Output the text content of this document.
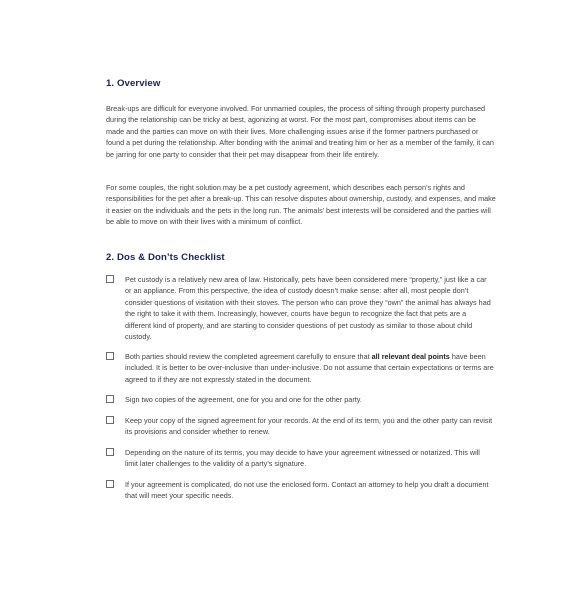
1. Overview

Break-ups are difficult for everyone involved. For unmarried couples, the process of sifting through property purchased during the relationship can be tricky at best, agonizing at worst. For the most part, compromises about items can be made and the parties can move on with their lives. More challenging issues arise if the former partners purchased or found a pet during the relationship. After bonding with the animal and treating him or her as a member of the family, it can be jarring for one party to consider that their pet may disappear from their life entirely.

For some couples, the right solution may be a pet custody agreement, which describes each person’s rights and responsibilities for the pet after a break-up. This can resolve disputes about ownership, custody, and expenses, and make it easier on the individuals and the pets in the long run. The animals’ best interests will be considered and the parties will be able to move on with their lives with a minimum of conflict.

2. Dos & Don’ts Checklist

Pet custody is a relatively new area of law. Historically, pets have been considered mere “property,” just like a car or an appliance. From this perspective, the idea of custody doesn’t make sense: after all, most people don’t consider questions of visitation with their stoves. The person who can prove they “own” the animal has always had the right to take it with them. Increasingly, however, courts have begun to recognize the fact that pets are a different kind of property, and are starting to consider questions of pet custody as similar to those about child custody.

Both parties should review the completed agreement carefully to ensure that all relevant deal points have been included. It is better to be over-inclusive than under-inclusive. Do not assume that certain expectations or terms are agreed to if they are not expressly stated in the document.

Sign two copies of the agreement, one for you and one for the other party.

Keep your copy of the signed agreement for your records. At the end of its term, you and the other party can revisit its provisions and consider whether to renew.

Depending on the nature of its terms, you may decide to have your agreement witnessed or notarized. This will limit later challenges to the validity of a party’s signature.

If your agreement is complicated, do not use the enclosed form. Contact an attorney to help you draft a document that will meet your specific needs.
